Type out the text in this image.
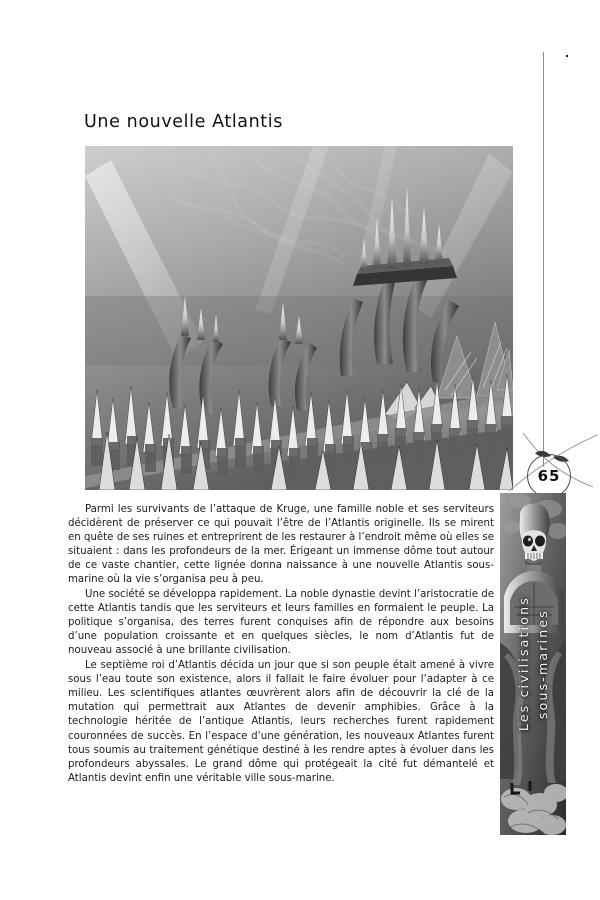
Une nouvelle Atlantis
65
Les civilisations sous-marines

Parmi les survivants de l’attaque de Kruge, une famille noble et ses serviteurs décidèrent de préserver ce qui pouvait l’être de l’Atlantis originelle. Ils se mirent en quête de ses ruines et entreprirent de les restaurer à l’endroit même où elles se situaient : dans les profondeurs de la mer. Érigeant un immense dôme tout autour de ce vaste chantier, cette lignée donna naissance à une nouvelle Atlantis sous-marine où la vie s’organisa peu à peu.

Une société se développa rapidement. La noble dynastie devint l’aristocratie de cette Atlantis tandis que les serviteurs et leurs familles en formaient le peuple. La politique s’organisa, des terres furent conquises afin de répondre aux besoins d’une population croissante et en quelques siècles, le nom d’Atlantis fut de nouveau associé à une brillante civilisation.

Le septième roi d’Atlantis décida un jour que si son peuple était amené à vivre sous l’eau toute son existence, alors il fallait le faire évoluer pour l’adapter à ce milieu. Les scientifiques atlantes œuvrèrent alors afin de découvrir la clé de la mutation qui permettrait aux Atlantes de devenir amphibies. Grâce à la technologie héritée de l’antique Atlantis, leurs recherches furent rapidement couronnées de succès. En l’espace d’une génération, les nouveaux Atlantes furent tous soumis au traitement génétique destiné à les rendre aptes à évoluer dans les profondeurs abyssales. Le grand dôme qui protégeait la cité fut démantelé et Atlantis devint enfin une véritable ville sous-marine.
